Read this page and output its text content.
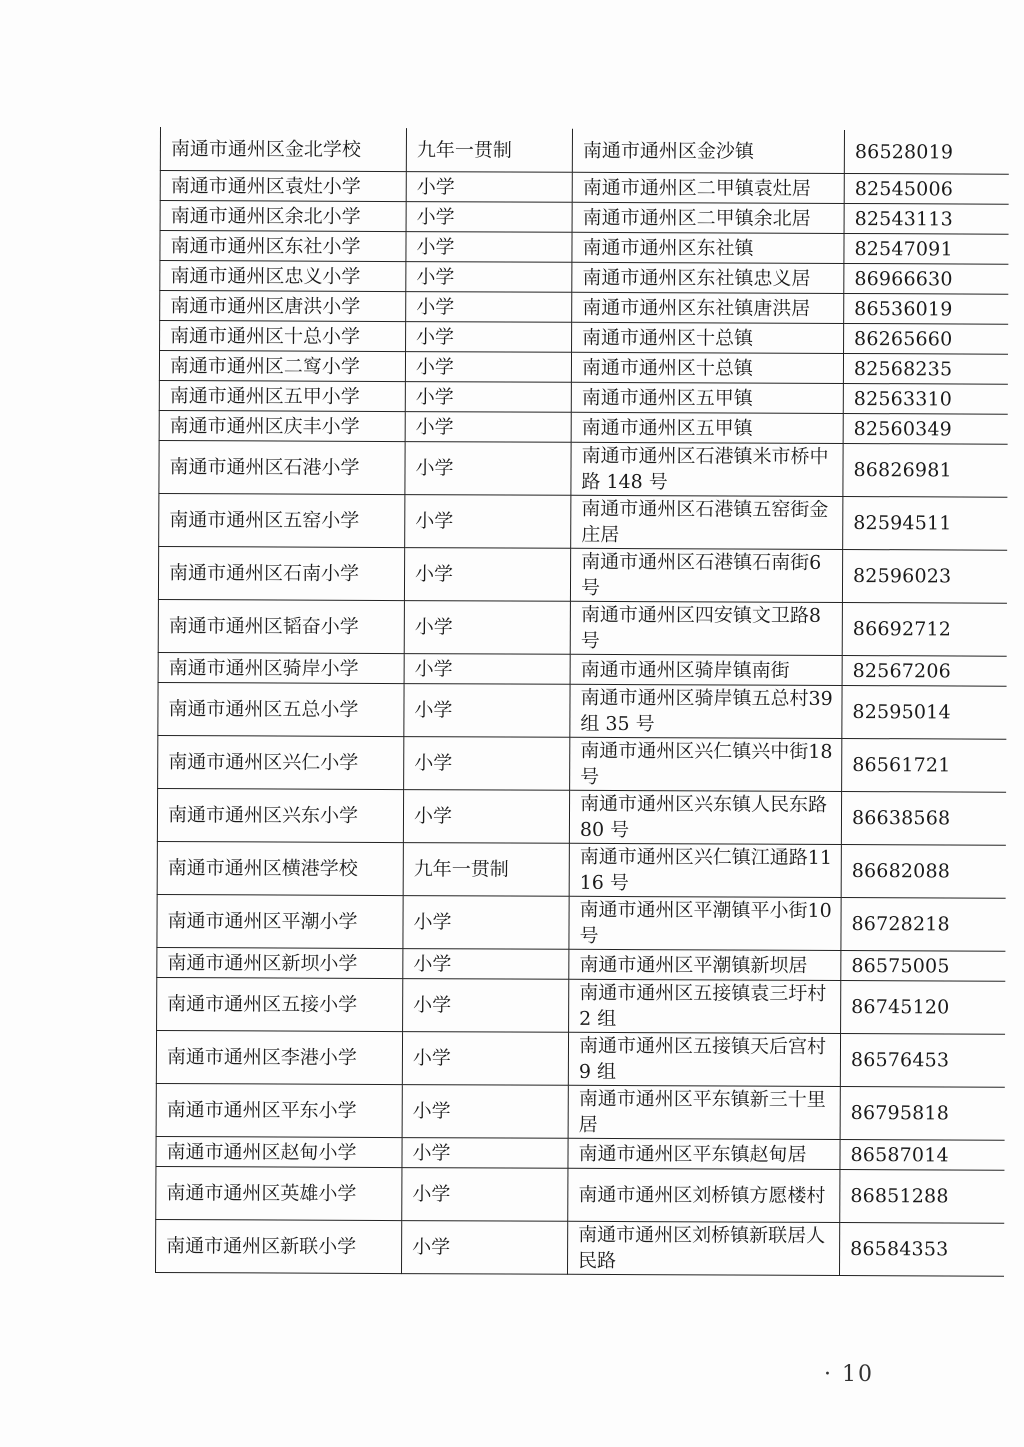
南通市通州区金北学校	九年一贯制	南通市通州区金沙镇	86528019
南通市通州区袁灶小学	小学	南通市通州区二甲镇袁灶居	82545006
南通市通州区余北小学	小学	南通市通州区二甲镇余北居	82543113
南通市通州区东社小学	小学	南通市通州区东社镇	82547091
南通市通州区忠义小学	小学	南通市通州区东社镇忠义居	86966630
南通市通州区唐洪小学	小学	南通市通州区东社镇唐洪居	86536019
南通市通州区十总小学	小学	南通市通州区十总镇	86265660
南通市通州区二窎小学	小学	南通市通州区十总镇	82568235
南通市通州区五甲小学	小学	南通市通州区五甲镇	82563310
南通市通州区庆丰小学	小学	南通市通州区五甲镇	82560349
南通市通州区石港小学	小学	南通市通州区石港镇米市桥中路 148 号	86826981
南通市通州区五窑小学	小学	南通市通州区石港镇五窑街金庄居	82594511
南通市通州区石南小学	小学	南通市通州区石港镇石南街6 号	82596023
南通市通州区韬奋小学	小学	南通市通州区四安镇文卫路8 号	86692712
南通市通州区骑岸小学	小学	南通市通州区骑岸镇南街	82567206
南通市通州区五总小学	小学	南通市通州区骑岸镇五总村39 组 35 号	82595014
南通市通州区兴仁小学	小学	南通市通州区兴仁镇兴中街18 号	86561721
南通市通州区兴东小学	小学	南通市通州区兴东镇人民东路 80 号	86638568
南通市通州区横港学校	九年一贯制	南通市通州区兴仁镇江通路1116 号	86682088
南通市通州区平潮小学	小学	南通市通州区平潮镇平小街10 号	86728218
南通市通州区新坝小学	小学	南通市通州区平潮镇新坝居	86575005
南通市通州区五接小学	小学	南通市通州区五接镇袁三圩村 2 组	86745120
南通市通州区李港小学	小学	南通市通州区五接镇天后宫村 9 组	86576453
南通市通州区平东小学	小学	南通市通州区平东镇新三十里居	86795818
南通市通州区赵甸小学	小学	南通市通州区平东镇赵甸居	86587014
南通市通州区英雄小学	小学	南通市通州区刘桥镇方愿楼村	86851288
南通市通州区新联小学	小学	南通市通州区刘桥镇新联居人民路	86584353
· 10
